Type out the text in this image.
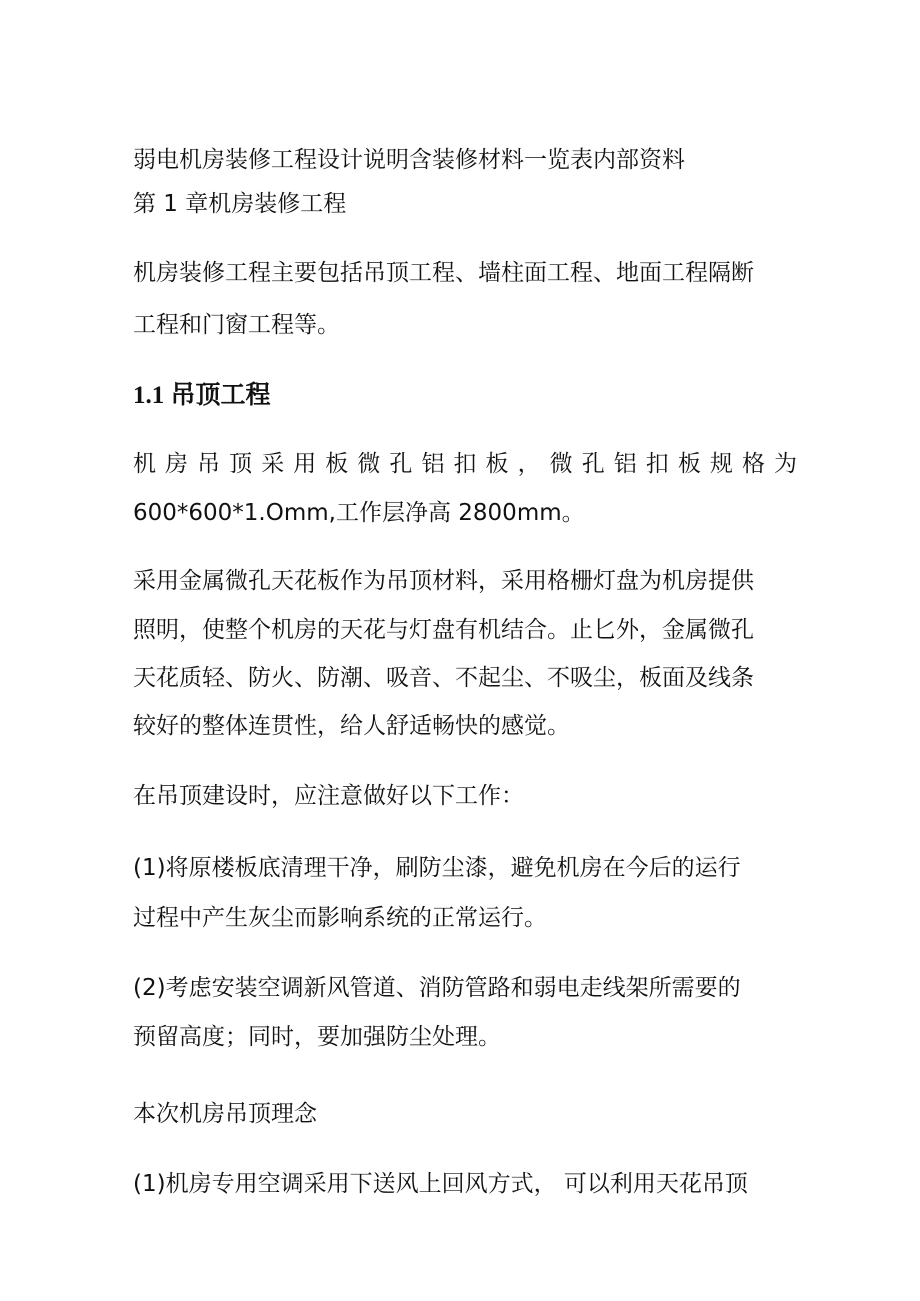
弱电机房装修工程设计说明含装修材料一览表内部资料
第 1 章机房装修工程
机房装修工程主要包括吊顶工程、墙柱面工程、地面工程隔断
工程和门窗工程等。
1.1 吊顶工程
机房吊顶采用板微孔铝扣板，微孔铝扣板规格为
600*600*1.Omm,工作层净高 2800mm。
采用金属微孔天花板作为吊顶材料，采用格栅灯盘为机房提供
照明，使整个机房的天花与灯盘有机结合。止匕外，金属微孔
天花质轻、防火、防潮、吸音、不起尘、不吸尘，板面及线条
较好的整体连贯性，给人舒适畅快的感觉。
在吊顶建设时，应注意做好以下工作：
(1)将原楼板底清理干净，刷防尘漆，避免机房在今后的运行
过程中产生灰尘而影响系统的正常运行。
(2)考虑安装空调新风管道、消防管路和弱电走线架所需要的
预留高度；同时，要加强防尘处理。
本次机房吊顶理念
(1)机房专用空调采用下送风上回风方式， 可以利用天花吊顶
